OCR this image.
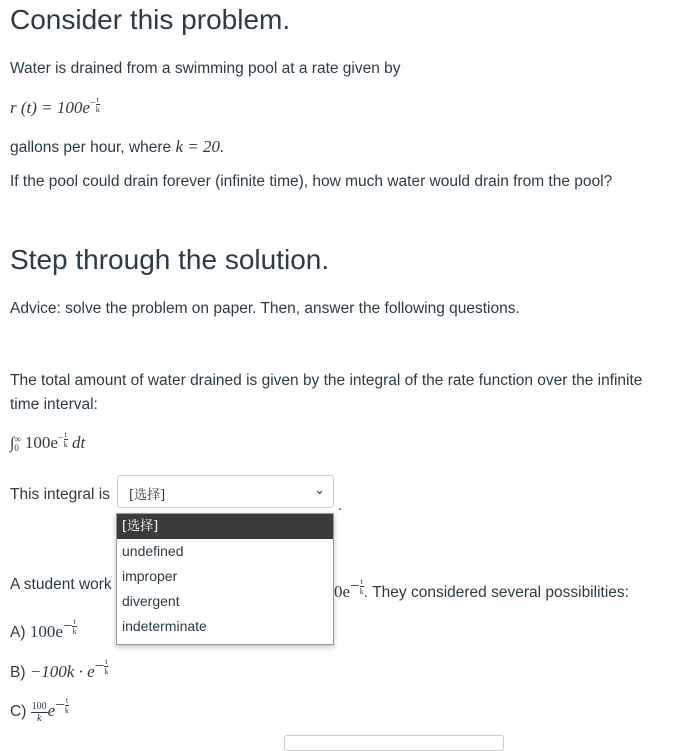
Consider this problem.
Water is drained from a swimming pool at a rate given by
r $(t) = 100e^{- \frac{t}{k}}$
gallons per hour, where k = 20.
If the pool could drain forever (infinite time), how much water would drain from the pool?
Step through the solution.
Advice: solve the problem on paper. Then, answer the following questions.
The total amount of water drained is given by the integral of the rate function over the infinite
time interval:
∫ ∞
0 $100e^{- \frac{t}{k}}$ dt
This integral is [选择]	⌄
.
A student work	$0e^{- \frac{t}{k}}$ . They considered several possibilities:
A) $100e^{- \frac{t}{k}}$
$B) -100k \cdot e^{- \frac{t}{k}}$
$C) \frac{100}{k} e^{- \frac{t}{k}}$
[选择]
undefined
improper
divergent
indeterminate
